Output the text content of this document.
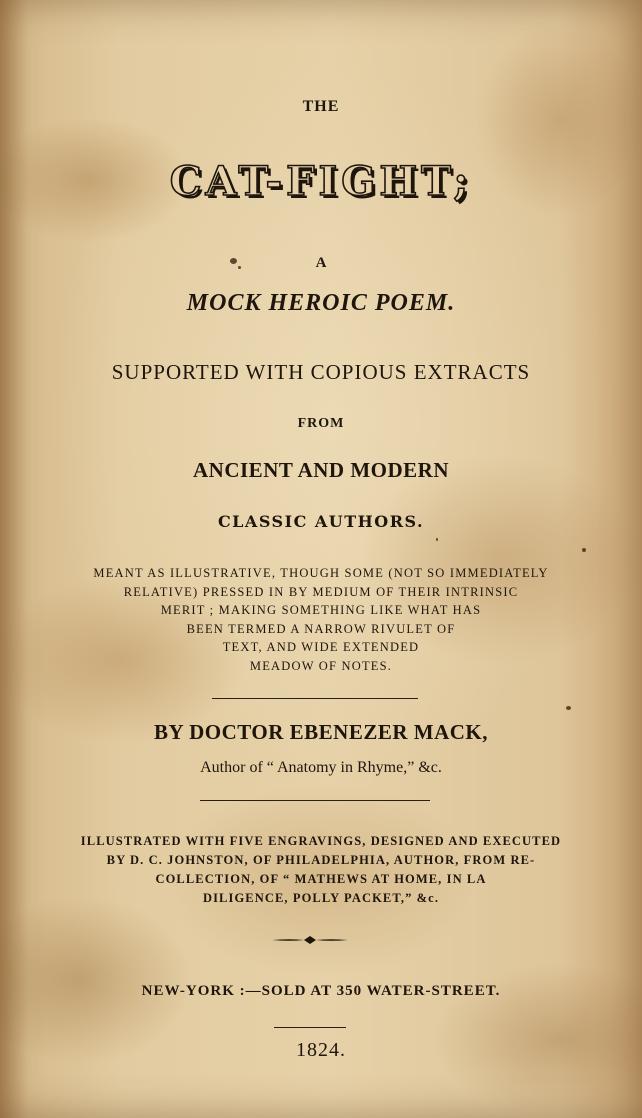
THE

CAT-FIGHT;

A

MOCK HEROIC POEM.

SUPPORTED WITH COPIOUS EXTRACTS

FROM

ANCIENT AND MODERN

CLASSIC AUTHORS.

MEANT AS ILLUSTRATIVE, THOUGH SOME (NOT SO IMMEDIATELY
RELATIVE) PRESSED IN BY MEDIUM OF THEIR INTRINSIC
MERIT ; MAKING SOMETHING LIKE WHAT HAS
BEEN TERMED A NARROW RIVULET OF
TEXT, AND WIDE EXTENDED
MEADOW OF NOTES.

BY DOCTOR EBENEZER MACK,

Author of “ Anatomy in Rhyme,” &c.

ILLUSTRATED WITH FIVE ENGRAVINGS, DESIGNED AND EXECUTED
BY D. C. JOHNSTON, OF PHILADELPHIA, AUTHOR, FROM RE-
COLLECTION, OF “ MATHEWS AT HOME, IN LA
DILIGENCE, POLLY PACKET,” &c.

NEW-YORK :—SOLD AT 350 WATER-STREET.

1824.
